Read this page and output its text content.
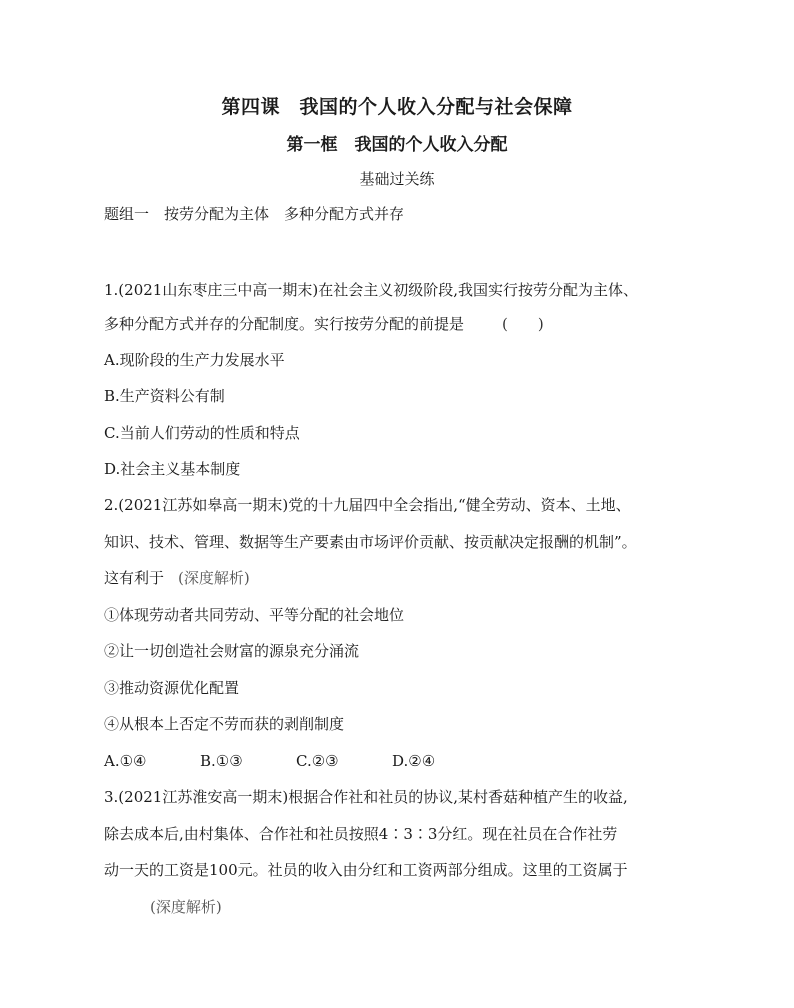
第四课　我国的个人收入分配与社会保障
第一框　我国的个人收入分配
基础过关练
题组一　按劳分配为主体　多种分配方式并存
1.(2021山东枣庄三中高一期末)在社会主义初级阶段,我国实行按劳分配为主体、
多种分配方式并存的分配制度。实行按劳分配的前提是	(　　)
A.现阶段的生产力发展水平
B.生产资料公有制
C.当前人们劳动的性质和特点
D.社会主义基本制度
2.(2021江苏如皋高一期末)党的十九届四中全会指出,“健全劳动、资本、土地、
知识、技术、管理、数据等生产要素由市场评价贡献、按贡献决定报酬的机制”。
这有利于 (深度解析)
①体现劳动者共同劳动、平等分配的社会地位
②让一切创造社会财富的源泉充分涌流
③推动资源优化配置
④从根本上否定不劳而获的剥削制度
A.①④	B.①③	C.②③	D.②④
3.(2021江苏淮安高一期末)根据合作社和社员的协议,某村香菇种植产生的收益,
除去成本后,由村集体、合作社和社员按照4∶3∶3分红。现在社员在合作社劳
动一天的工资是100元。社员的收入由分红和工资两部分组成。这里的工资属于
(深度解析)
